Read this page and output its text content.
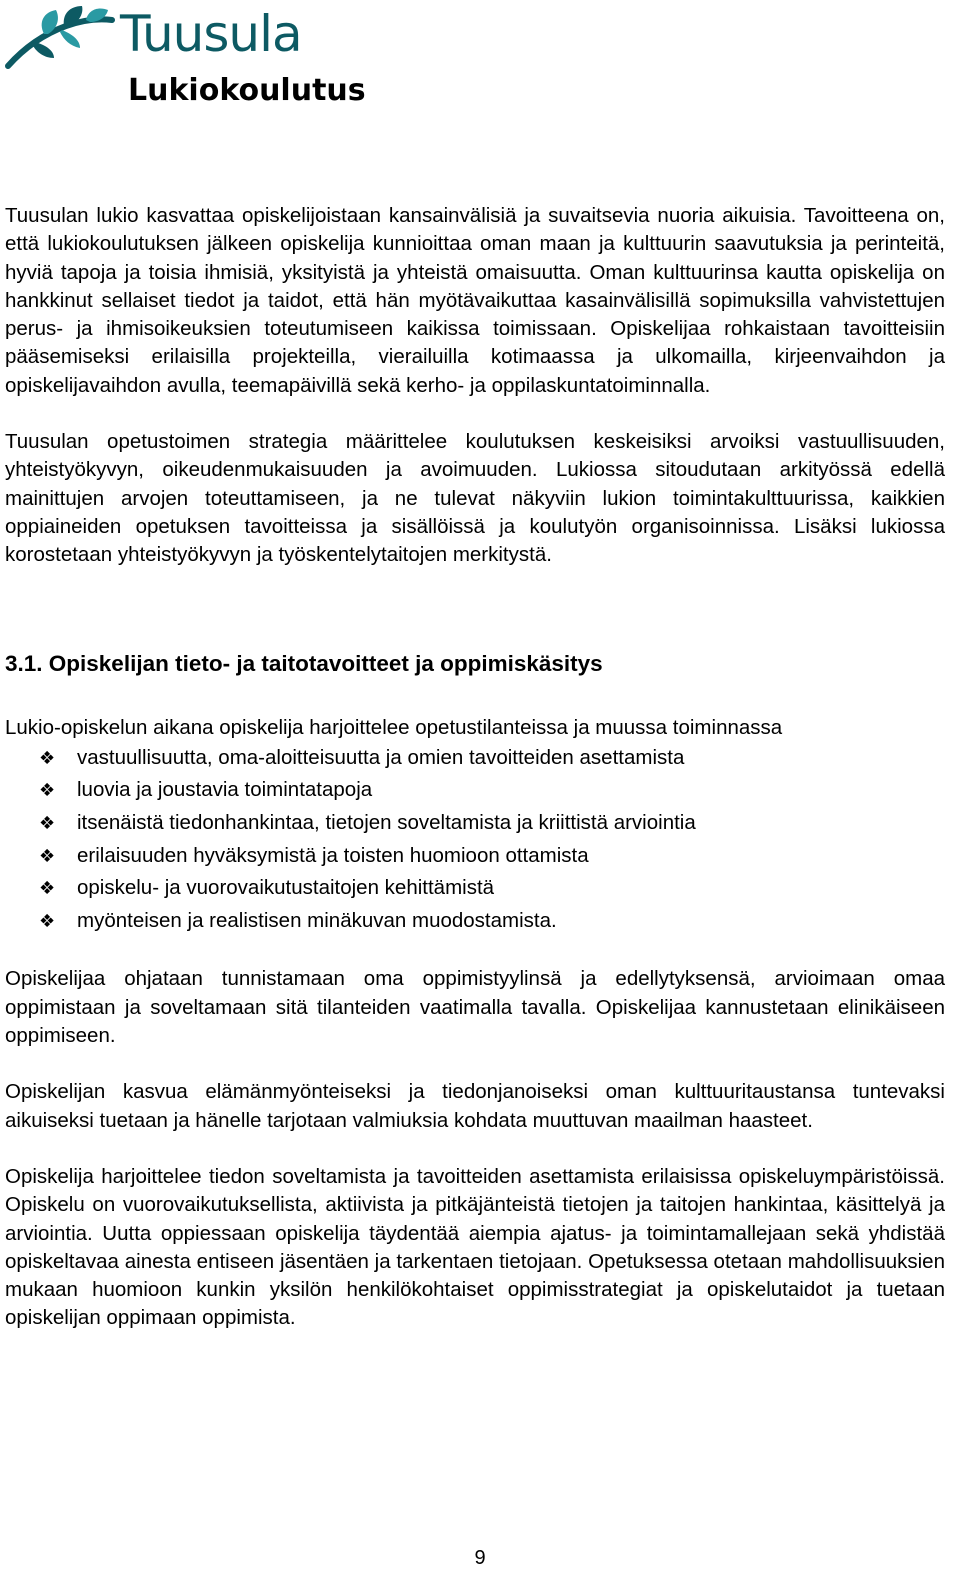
Tuusula
Lukiokoulutus

Tuusulan lukio kasvattaa opiskelijoistaan kansainvälisiä ja suvaitsevia nuoria aikuisia. Tavoitteena on, että lukiokoulutuksen jälkeen opiskelija kunnioittaa oman maan ja kulttuurin saavutuksia ja perinteitä, hyviä tapoja ja toisia ihmisiä, yksityistä ja yhteistä omaisuutta. Oman kulttuurinsa kautta opiskelija on hankkinut sellaiset tiedot ja taidot, että hän myötävaikuttaa kasainvälisillä sopimuksilla vahvistettujen perus- ja ihmisoikeuksien toteutumiseen kaikissa toimissaan. Opiskelijaa rohkaistaan tavoitteisiin pääsemiseksi erilaisilla projekteilla, vierailuilla kotimaassa ja ulkomailla, kirjeenvaihdon ja opiskelijavaihdon avulla, teemapäivillä sekä kerho- ja oppilaskuntatoiminnalla.

Tuusulan opetustoimen strategia määrittelee koulutuksen keskeisiksi arvoiksi vastuullisuuden, yhteistyökyvyn, oikeudenmukaisuuden ja avoimuuden. Lukiossa sitoudutaan arkityössä edellä mainittujen arvojen toteuttamiseen, ja ne tulevat näkyviin lukion toimintakulttuurissa, kaikkien oppiaineiden opetuksen tavoitteissa ja sisällöissä ja koulutyön organisoinnissa. Lisäksi lukiossa korostetaan yhteistyökyvyn ja työskentelytaitojen merkitystä.

3.1. Opiskelijan tieto- ja taitotavoitteet ja oppimiskäsitys

Lukio-opiskelun aikana opiskelija harjoittelee opetustilanteissa ja muussa toiminnassa

❖ vastuullisuutta, oma-aloitteisuutta ja omien tavoitteiden asettamista
❖ luovia ja joustavia toimintatapoja
❖ itsenäistä tiedonhankintaa, tietojen soveltamista ja kriittistä arviointia
❖ erilaisuuden hyväksymistä ja toisten huomioon ottamista
❖ opiskelu- ja vuorovaikutustaitojen kehittämistä
❖ myönteisen ja realistisen minäkuvan muodostamista.

Opiskelijaa ohjataan tunnistamaan oma oppimistyylinsä ja edellytyksensä, arvioimaan omaa oppimistaan ja soveltamaan sitä tilanteiden vaatimalla tavalla. Opiskelijaa kannustetaan elinikäiseen oppimiseen.

Opiskelijan kasvua elämänmyönteiseksi ja tiedonjanoiseksi oman kulttuuritaustansa tuntevaksi aikuiseksi tuetaan ja hänelle tarjotaan valmiuksia kohdata muuttuvan maailman haasteet.

Opiskelija harjoittelee tiedon soveltamista ja tavoitteiden asettamista erilaisissa opiskeluympäristöissä. Opiskelu on vuorovaikutuksellista, aktiivista ja pitkäjänteistä tietojen ja taitojen hankintaa, käsittelyä ja arviointia. Uutta oppiessaan opiskelija täydentää aiempia ajatus- ja toimintamallejaan sekä yhdistää opiskeltavaa ainesta entiseen jäsentäen ja tarkentaen tietojaan. Opetuksessa otetaan mahdollisuuksien mukaan huomioon kunkin yksilön henkilökohtaiset oppimisstrategiat ja opiskelutaidot ja tuetaan opiskelijan oppimaan oppimista.

9
